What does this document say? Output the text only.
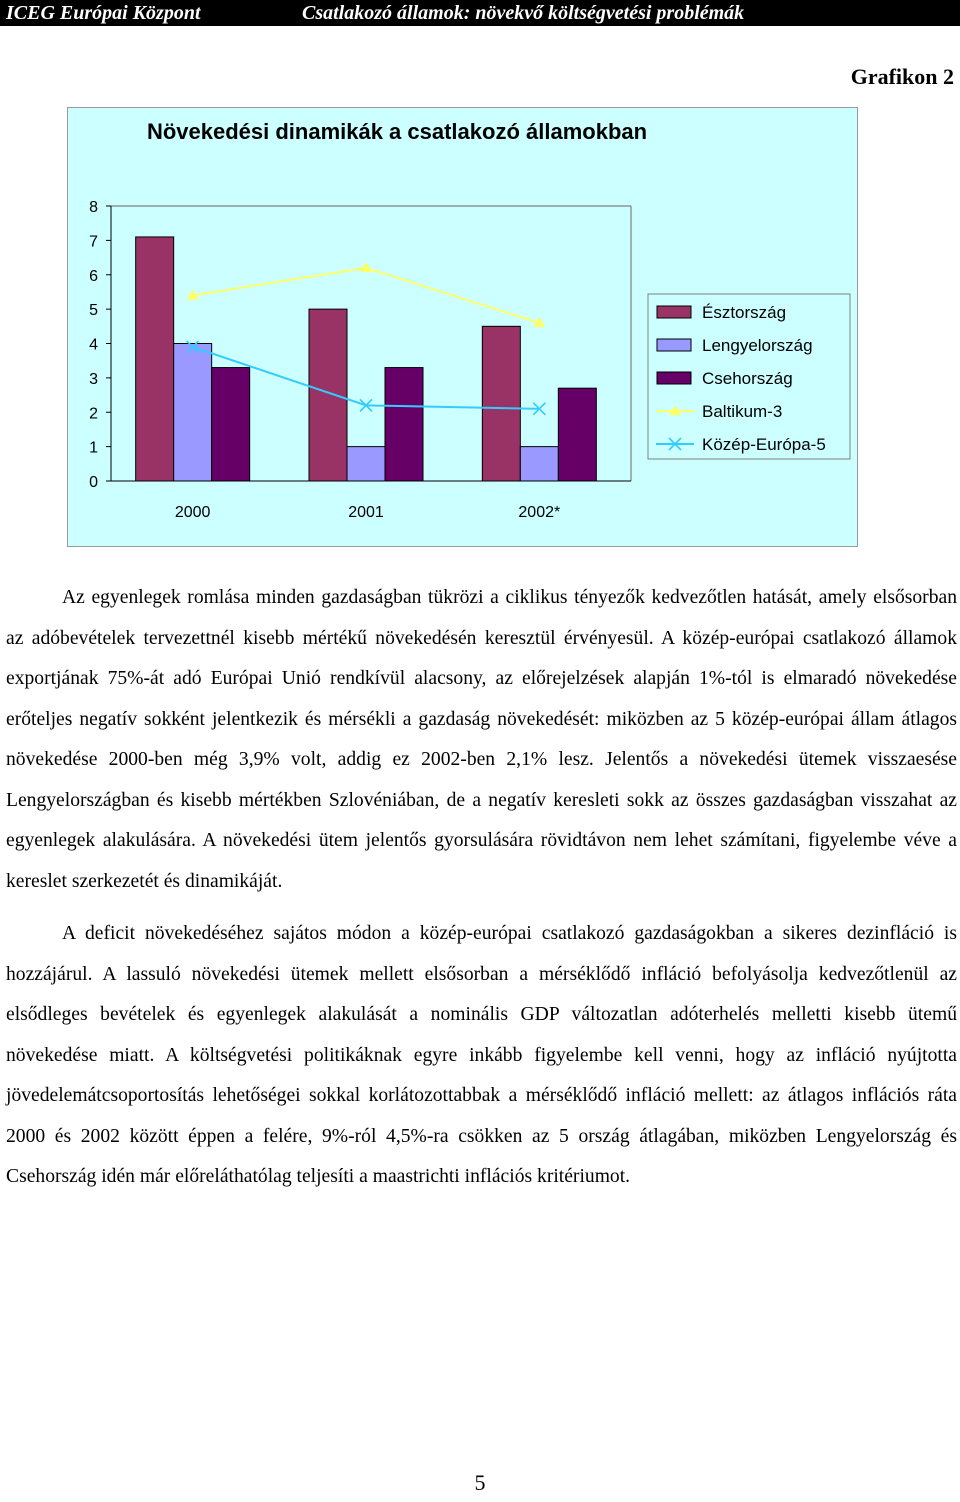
ICEG Európai Központ	Csatlakozó államok: növekvő költségvetési problémák
Grafikon 2
Növekedési dinamikák a csatlakozó államokban
0
1
2
3
4
5
6
7
8
2000	2001	2002*
Észtország
Lengyelország
Csehország
Baltikum-3
Közép-Európa-5

Az egyenlegek romlása minden gazdaságban tükrözi a ciklikus tényezők kedvezőtlen hatását, amely elsősorban az adóbevételek tervezettnél kisebb mértékű növekedésén keresztül érvényesül. A közép-európai csatlakozó államok exportjának 75%-át adó Európai Unió rendkívül alacsony, az előrejelzések alapján 1%-tól is elmaradó növekedése erőteljes negatív sokként jelentkezik és mérsékli a gazdaság növekedését: miközben az 5 közép-európai állam átlagos növekedése 2000-ben még 3,9% volt, addig ez 2002-ben 2,1% lesz. Jelentős a növekedési ütemek visszaesése Lengyelországban és kisebb mértékben Szlovéniában, de a negatív keresleti sokk az összes gazdaságban visszahat az egyenlegek alakulására. A növekedési ütem jelentős gyorsulására rövidtávon nem lehet számítani, figyelembe véve a kereslet szerkezetét és dinamikáját.

A deficit növekedéséhez sajátos módon a közép-európai csatlakozó gazdaságokban a sikeres dezinfláció is hozzájárul. A lassuló növekedési ütemek mellett elsősorban a mérséklődő infláció befolyásolja kedvezőtlenül az elsődleges bevételek és egyenlegek alakulását a nominális GDP változatlan adóterhelés melletti kisebb ütemű növekedése miatt. A költségvetési politikáknak egyre inkább figyelembe kell venni, hogy az infláció nyújtotta jövedelemátcsoportosítás lehetőségei sokkal korlátozottabbak a mérséklődő infláció mellett: az átlagos inflációs ráta 2000 és 2002 között éppen a felére, 9%-ról 4,5%-ra csökken az 5 ország átlagában, miközben Lengyelország és Csehország idén már előreláthatólag teljesíti a maastrichti inflációs kritériumot.

5
